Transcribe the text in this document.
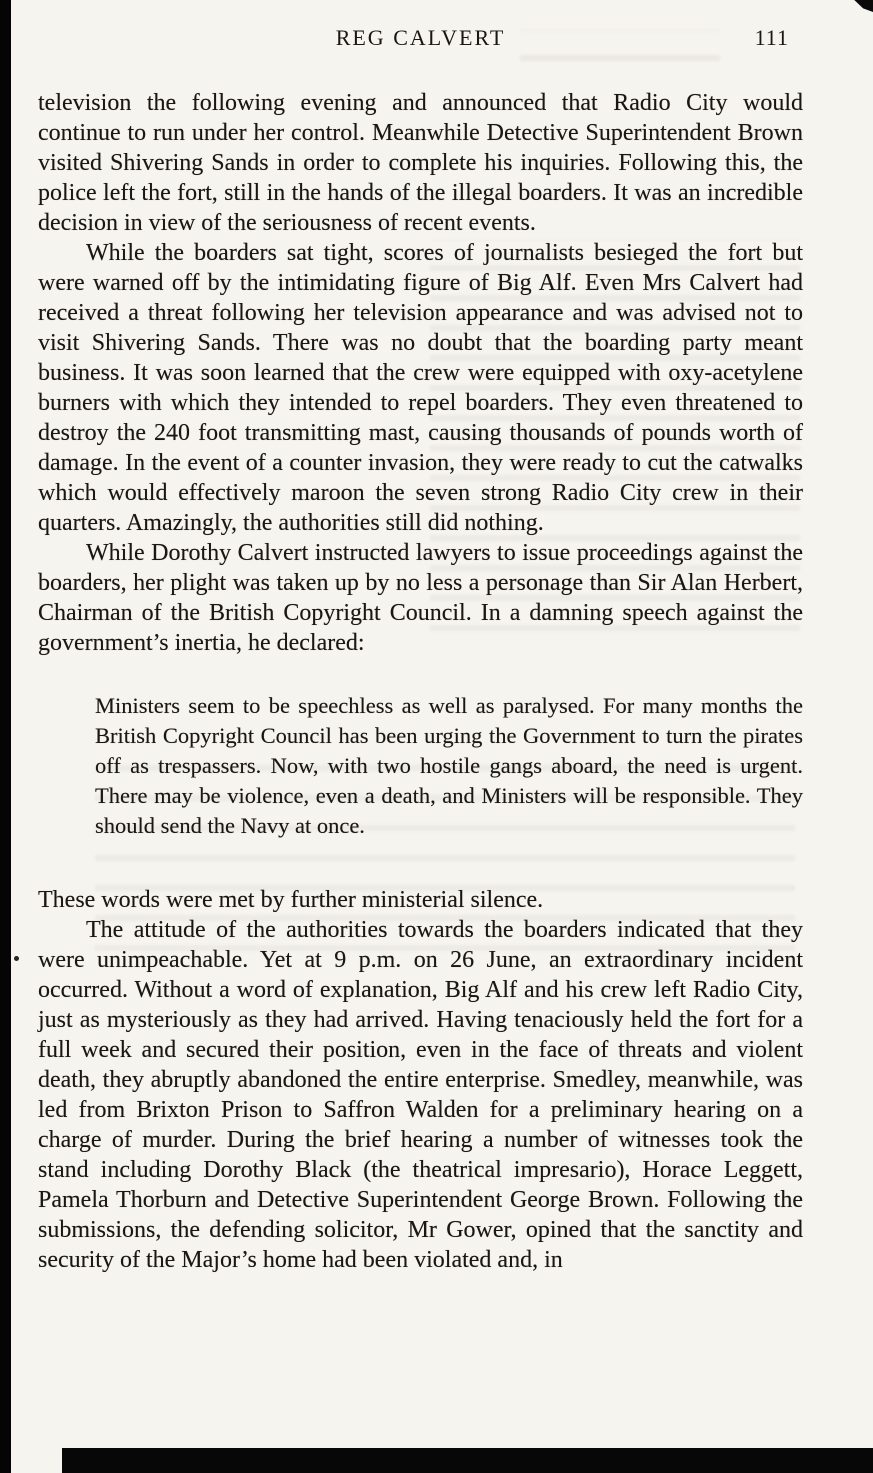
REG CALVERT	111

television the following evening and announced that Radio City would continue to run under her control. Meanwhile Detective Superintendent Brown visited Shivering Sands in order to complete his inquiries. Following this, the police left the fort, still in the hands of the illegal boarders. It was an incredible decision in view of the seriousness of recent events.

While the boarders sat tight, scores of journalists besieged the fort but were warned off by the intimidating figure of Big Alf. Even Mrs Calvert had received a threat following her television appearance and was advised not to visit Shivering Sands. There was no doubt that the boarding party meant business. It was soon learned that the crew were equipped with oxy-acetylene burners with which they intended to repel boarders. They even threatened to destroy the 240 foot transmitting mast, causing thousands of pounds worth of damage. In the event of a counter invasion, they were ready to cut the catwalks which would effectively maroon the seven strong Radio City crew in their quarters. Amazingly, the authorities still did nothing.

While Dorothy Calvert instructed lawyers to issue proceedings against the boarders, her plight was taken up by no less a personage than Sir Alan Herbert, Chairman of the British Copyright Council. In a damning speech against the government’s inertia, he declared:

Ministers seem to be speechless as well as paralysed. For many months the British Copyright Council has been urging the Government to turn the pirates off as trespassers. Now, with two hostile gangs aboard, the need is urgent. There may be violence, even a death, and Ministers will be responsible. They should send the Navy at once.

These words were met by further ministerial silence.

The attitude of the authorities towards the boarders indicated that they were unimpeachable. Yet at 9 p.m. on 26 June, an extraordinary incident occurred. Without a word of explanation, Big Alf and his crew left Radio City, just as mysteriously as they had arrived. Having tenaciously held the fort for a full week and secured their position, even in the face of threats and violent death, they abruptly abandoned the entire enterprise. Smedley, meanwhile, was led from Brixton Prison to Saffron Walden for a preliminary hearing on a charge of murder. During the brief hearing a number of witnesses took the stand including Dorothy Black (the theatrical impresario), Horace Leggett, Pamela Thorburn and Detective Superintendent George Brown. Following the submissions, the defending solicitor, Mr Gower, opined that the sanctity and security of the Major’s home had been violated and, in
